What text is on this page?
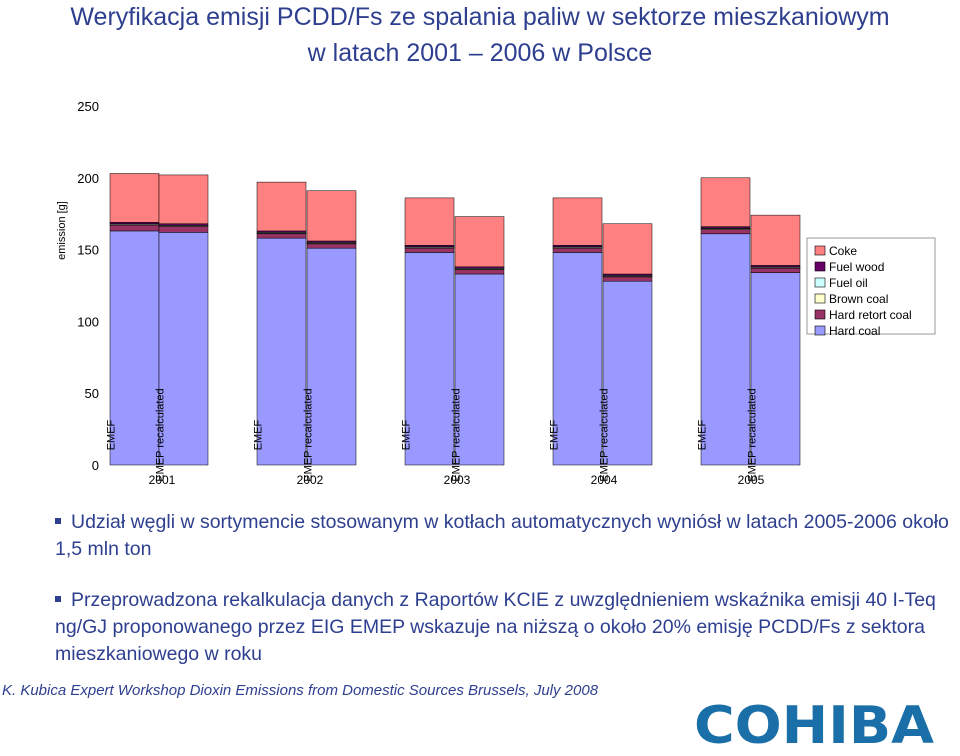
Weryfikacja emisji PCDD/Fs ze spalania paliw w sektorze mieszkaniowym
w latach 2001 – 2006 w Polsce
0
50
100
150
200
250
emission [g]
EMEF	EMEP recalculated	EMEF	EMEP recalculated	EMEF	EMEP recalculated	EMEF	EMEP recalculated	EMEF	EMEP recalculated
2001	2002	2003	2004	2005
Coke
Fuel wood
Fuel oil
Brown coal
Hard retort coal
Hard coal
Udział węgli w sortymencie stosowanym w kotłach automatycznych wyniósł w latach 2005-2006 około 1,5 mln ton
Przeprowadzona rekalkulacja danych z Raportów KCIE z uwzględnieniem wskaźnika emisji 40 I-Teq ng/GJ proponowanego przez EIG EMEP wskazuje na niższą o około 20% emisję PCDD/Fs z sektora mieszkaniowego w roku
K. Kubica Expert Workshop Dioxin Emissions from Domestic Sources Brussels, July 2008
COHIBA
